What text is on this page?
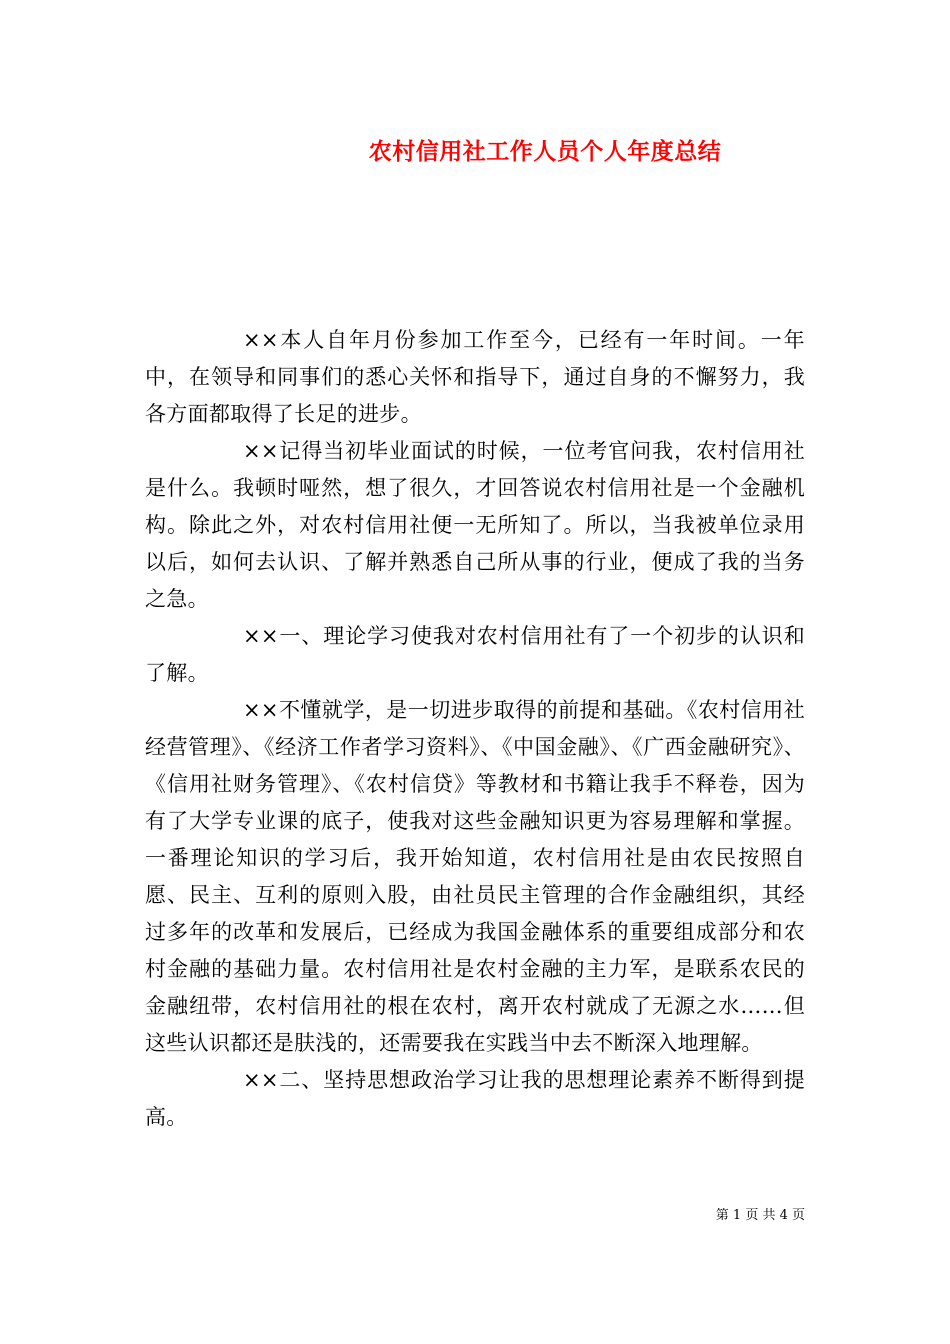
农村信用社工作人员个人年度总结

××本人自年月份参加工作至今，已经有一年时间。一年中，在领导和同事们的悉心关怀和指导下，通过自身的不懈努力，我各方面都取得了长足的进步。

××记得当初毕业面试的时候，一位考官问我，农村信用社是什么。我顿时哑然，想了很久，才回答说农村信用社是一个金融机构。除此之外，对农村信用社便一无所知了。所以，当我被单位录用以后，如何去认识、了解并熟悉自己所从事的行业，便成了我的当务之急。

××一、理论学习使我对农村信用社有了一个初步的认识和了解。

××不懂就学，是一切进步取得的前提和基础。《农村信用社经营管理》、《经济工作者学习资料》、《中国金融》、《广西金融研究》、《信用社财务管理》、《农村信贷》等教材和书籍让我手不释卷，因为有了大学专业课的底子，使我对这些金融知识更为容易理解和掌握。一番理论知识的学习后，我开始知道，农村信用社是由农民按照自愿、民主、互利的原则入股，由社员民主管理的合作金融组织，其经过多年的改革和发展后，已经成为我国金融体系的重要组成部分和农村金融的基础力量。农村信用社是农村金融的主力军，是联系农民的金融纽带，农村信用社的根在农村，离开农村就成了无源之水……但这些认识都还是肤浅的，还需要我在实践当中去不断深入地理解。

××二、坚持思想政治学习让我的思想理论素养不断得到提高。

第 1 页 共 4 页
